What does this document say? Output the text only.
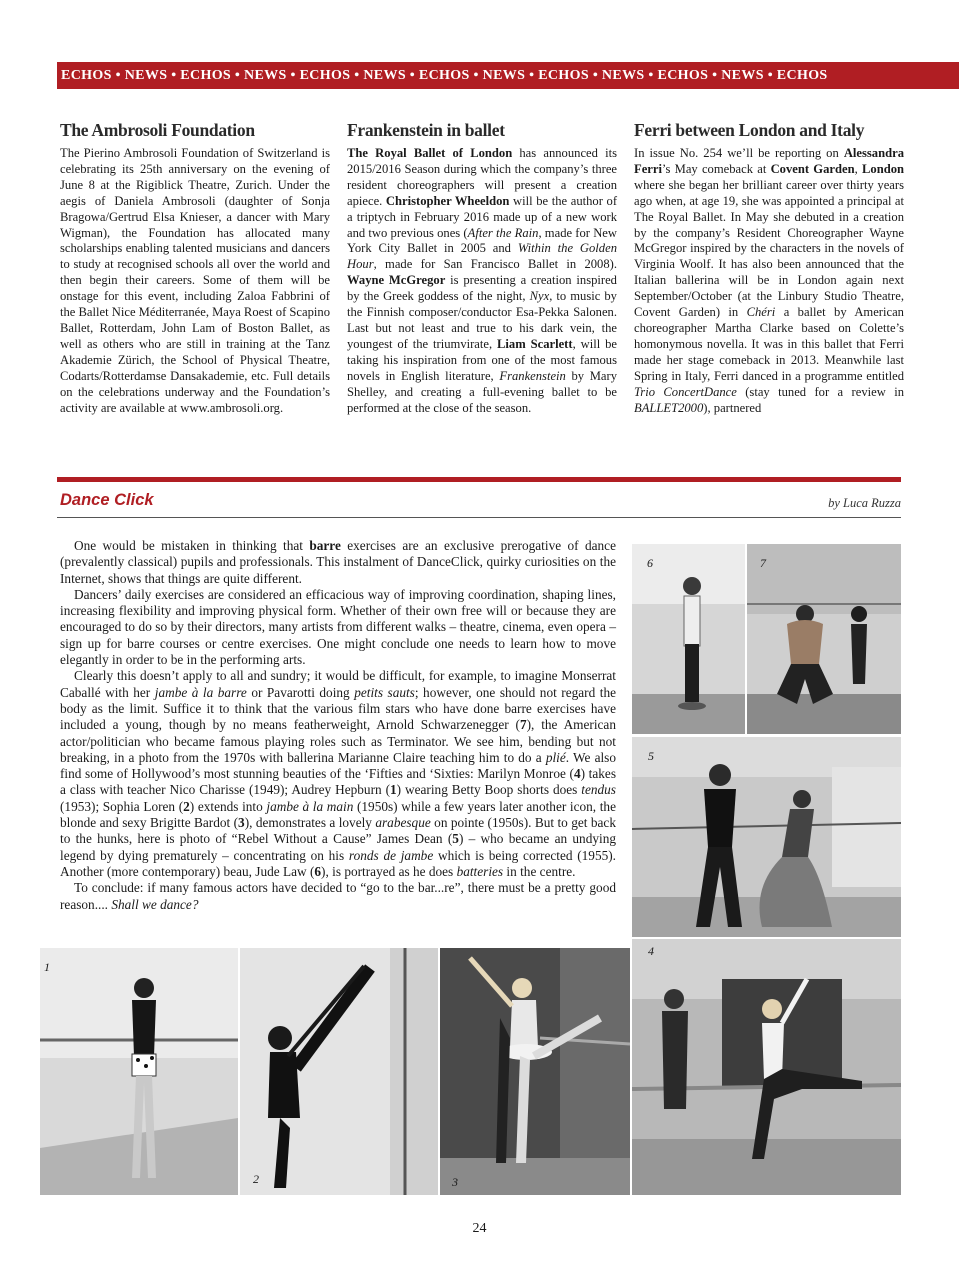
ECHOS • NEWS • ECHOS • NEWS • ECHOS • NEWS • ECHOS • NEWS • ECHOS • NEWS • ECHOS • NEWS • ECHOS
The Ambrosoli Foundation

The Pierino Ambrosoli Foundation of Switzerland is celebrating its 25th anniversary on the evening of June 8 at the Rigiblick Theatre, Zurich. Under the aegis of Daniela Ambrosoli (daughter of Sonja Bragowa/Gertrud Elsa Knieser, a dancer with Mary Wigman), the Foundation has allocated many scholarships enabling talented musicians and dancers to study at recognised schools all over the world and then begin their careers. Some of them will be onstage for this event, including Zaloa Fabbrini of the Ballet Nice Méditerranée, Maya Roest of Scapino Ballet, Rotterdam, John Lam of Boston Ballet, as well as others who are still in training at the Tanz Akademie Zürich, the School of Physical Theatre, Codarts/Rotterdamse Dansakademie, etc. Full details on the celebrations underway and the Foundation’s activity are available at www.ambrosoli.org.

Frankenstein in ballet

The Royal Ballet of London has announced its 2015/2016 Season during which the company’s three resident choreographers will present a creation apiece. Christopher Wheeldon will be the author of a triptych in February 2016 made up of a new work and two previous ones (After the Rain, made for New York City Ballet in 2005 and Within the Golden Hour, made for San Francisco Ballet in 2008). Wayne McGregor is presenting a creation inspired by the Greek goddess of the night, Nyx, to music by the Finnish composer/conductor Esa-Pekka Salonen. Last but not least and true to his dark vein, the youngest of the triumvirate, Liam Scarlett, will be taking his inspiration from one of the most famous novels in English literature, Frankenstein by Mary Shelley, and creating a full-evening ballet to be performed at the close of the season.

Ferri between London and Italy

In issue No. 254 we’ll be reporting on Alessandra Ferri’s May comeback at Covent Garden, London where she began her brilliant career over thirty years ago when, at age 19, she was appointed a principal at The Royal Ballet. In May she debuted in a creation by the company’s Resident Choreographer Wayne McGregor inspired by the characters in the novels of Virginia Woolf. It has also been announced that the Italian ballerina will be in London again next September/October (at the Linbury Studio Theatre, Covent Garden) in Chéri a ballet by American choreographer Martha Clarke based on Colette’s homonymous novella. It was in this ballet that Ferri made her stage comeback in 2013. Meanwhile last Spring in Italy, Ferri danced in a programme entitled Trio ConcertDance (stay tuned for a review in BALLET2000), partnered

Dance Click	by Luca Ruzza

One would be mistaken in thinking that barre exercises are an exclusive prerogative of dance (prevalently classical) pupils and professionals. This instalment of DanceClick, quirky curiosities on the Internet, shows that things are quite different.

Dancers’ daily exercises are considered an efficacious way of improving coordination, shaping lines, increasing flexibility and improving physical form. Whether of their own free will or because they are encouraged to do so by their directors, many artists from different walks – theatre, cinema, even opera – sign up for barre courses or centre exercises. One might conclude one needs to learn how to move elegantly in order to be in the performing arts.

Clearly this doesn’t apply to all and sundry; it would be difficult, for example, to imagine Monserrat Caballé with her jambe à la barre or Pavarotti doing petits sauts; however, one should not regard the body as the limit. Suffice it to think that the various film stars who have done barre exercises have included a young, though by no means featherweight, Arnold Schwarzenegger (7), the American actor/politician who became famous playing roles such as Terminator. We see him, bending but not breaking, in a photo from the 1970s with ballerina Marianne Claire teaching him to do a plié. We also find some of Hollywood’s most stunning beauties of the ‘Fifties and ‘Sixties: Marilyn Monroe (4) takes a class with teacher Nico Charisse (1949); Audrey Hepburn (1) wearing Betty Boop shorts does tendus (1953); Sophia Loren (2) extends into jambe à la main (1950s) while a few years later another icon, the blonde and sexy Brigitte Bardot (3), demonstrates a lovely arabesque on pointe (1950s). But to get back to the hunks, here is photo of “Rebel Without a Cause” James Dean (5) – who became an undying legend by dying prematurely – concentrating on his ronds de jambe which is being corrected (1955). Another (more contemporary) beau, Jude Law (6), is portrayed as he does batteries in the centre.

To conclude: if many famous actors have decided to “go to the bar...re”, there must be a pretty good reason.... Shall we dance?

6	7
5
4
1
2	3
24
